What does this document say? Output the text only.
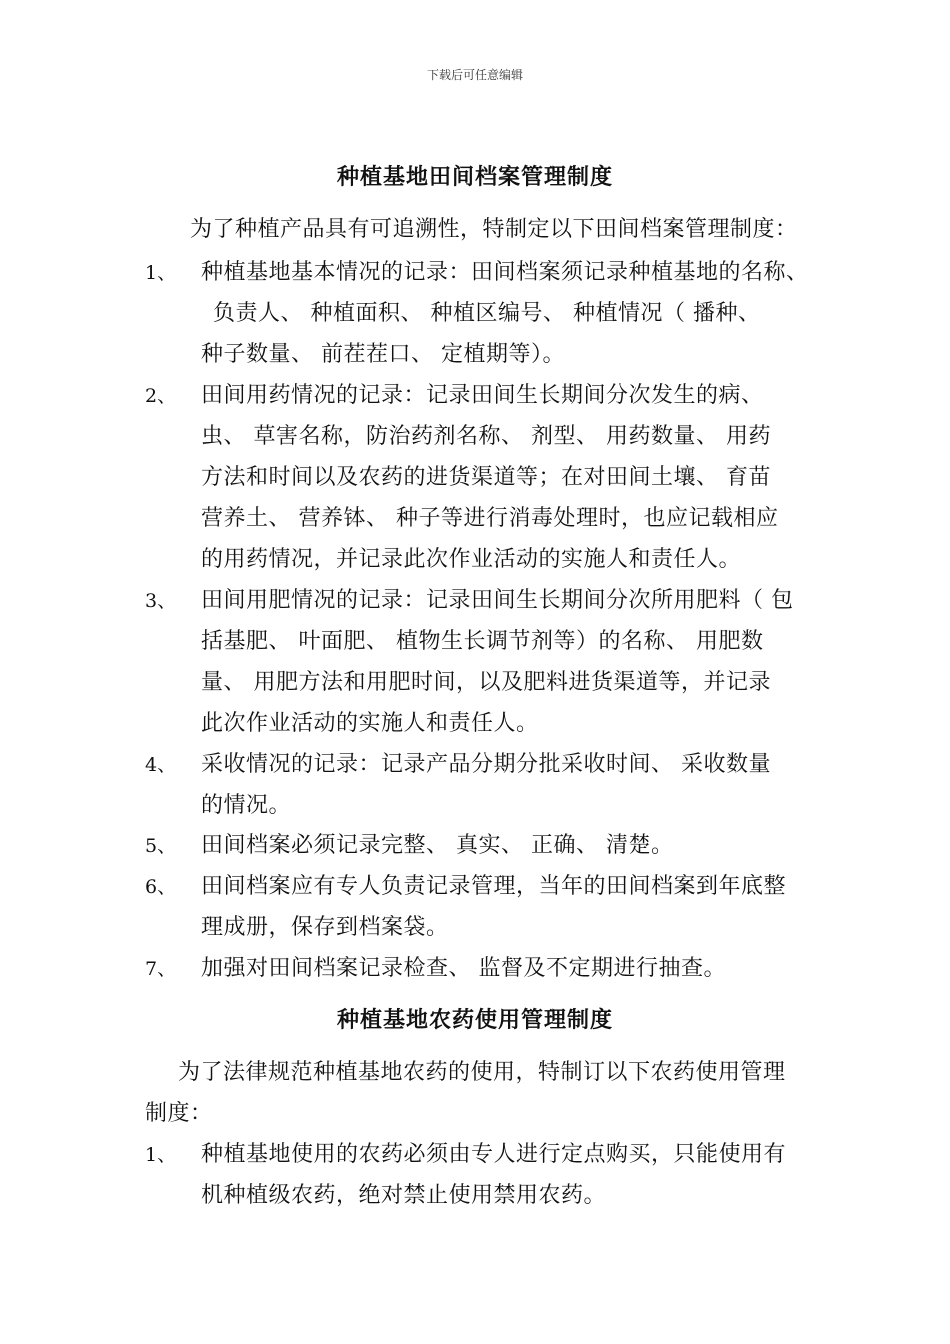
下载后可任意编辑
种植基地田间档案管理制度
为了种植产品具有可追溯性，特制定以下田间档案管理制度：
1、 种植基地基本情况的记录：田间档案须记录种植基地的名称、
负责人、 种植面积、 种植区编号、 种植情况（ 播种、
种子数量、 前茬茬口、 定植期等）。
2、 田间用药情况的记录：记录田间生长期间分次发生的病、
虫、 草害名称，防治药剂名称、 剂型、 用药数量、 用药
方法和时间以及农药的进货渠道等；在对田间土壤、 育苗
营养土、 营养钵、 种子等进行消毒处理时，也应记载相应
的用药情况，并记录此次作业活动的实施人和责任人。
3、 田间用肥情况的记录：记录田间生长期间分次所用肥料（ 包
括基肥、 叶面肥、 植物生长调节剂等）的名称、 用肥数
量、 用肥方法和用肥时间，以及肥料进货渠道等，并记录
此次作业活动的实施人和责任人。
4、 采收情况的记录：记录产品分期分批采收时间、 采收数量
的情况。
5、 田间档案必须记录完整、 真实、 正确、 清楚。
6、 田间档案应有专人负责记录管理，当年的田间档案到年底整
理成册，保存到档案袋。
7、 加强对田间档案记录检查、 监督及不定期进行抽查。
种植基地农药使用管理制度
为了法律规范种植基地农药的使用，特制订以下农药使用管理
制度：
1、 种植基地使用的农药必须由专人进行定点购买，只能使用有
机种植级农药，绝对禁止使用禁用农药。
